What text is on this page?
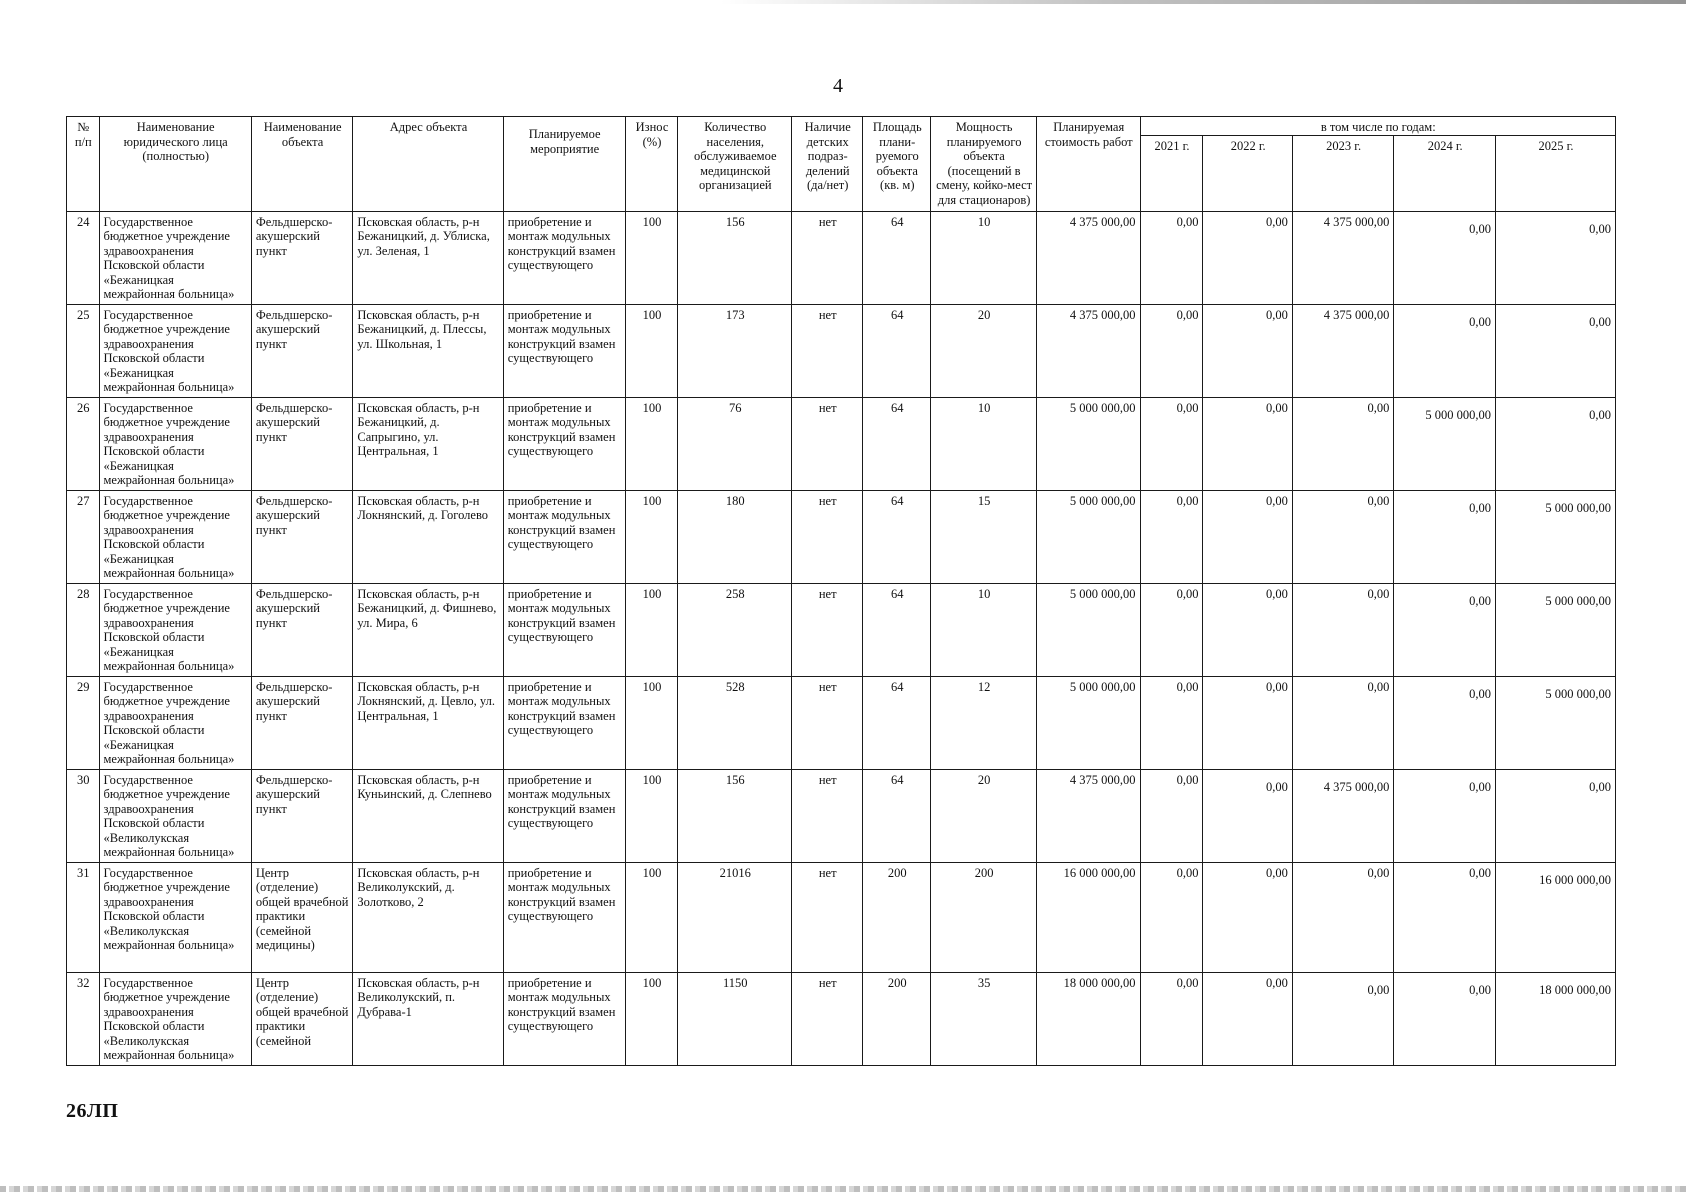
4
№ п/п	Наименование юридического лица (полностью)	Наименование объекта	Адрес объекта	Планируемое мероприятие	Износ (%)	Количество населения, обслуживаемое медицинской организацией	Наличие детских подраз-делений (да/нет)	Площадь плани-руемого объекта (кв. м)	Мощность планируемого объекта (посещений в смену, койко-мест для стационаров)	Планируемая стоимость работ	в том числе по годам:				
											2021 г.	2022 г.	2023 г.	2024 г.	2025 г.
24	Государственное бюджетное учреждение здравоохранения Псковской области «Бежаницкая межрайонная больница»	Фельдшерско-акушерский пункт	Псковская область, р-н Бежаницкий, д. Ублиска, ул. Зеленая, 1	приобретение и монтаж модульных конструкций взамен существующего	100	156	нет	64	10	4 375 000,00	0,00	0,00	4 375 000,00	0,00	0,00
25	Государственное бюджетное учреждение здравоохранения Псковской области «Бежаницкая межрайонная больница»	Фельдшерско-акушерский пункт	Псковская область, р-н Бежаницкий, д. Плессы, ул. Школьная, 1	приобретение и монтаж модульных конструкций взамен существующего	100	173	нет	64	20	4 375 000,00	0,00	0,00	4 375 000,00	0,00	0,00
26	Государственное бюджетное учреждение здравоохранения Псковской области «Бежаницкая межрайонная больница»	Фельдшерско-акушерский пункт	Псковская область, р-н Бежаницкий, д. Сапрыгино, ул. Центральная, 1	приобретение и монтаж модульных конструкций взамен существующего	100	76	нет	64	10	5 000 000,00	0,00	0,00	0,00	5 000 000,00	0,00
27	Государственное бюджетное учреждение здравоохранения Псковской области «Бежаницкая межрайонная больница»	Фельдшерско-акушерский пункт	Псковская область, р-н Локнянский, д. Гоголево	приобретение и монтаж модульных конструкций взамен существующего	100	180	нет	64	15	5 000 000,00	0,00	0,00	0,00	0,00	5 000 000,00
28	Государственное бюджетное учреждение здравоохранения Псковской области «Бежаницкая межрайонная больница»	Фельдшерско-акушерский пункт	Псковская область, р-н Бежаницкий, д. Фишнево, ул. Мира, 6	приобретение и монтаж модульных конструкций взамен существующего	100	258	нет	64	10	5 000 000,00	0,00	0,00	0,00	0,00	5 000 000,00
29	Государственное бюджетное учреждение здравоохранения Псковской области «Бежаницкая межрайонная больница»	Фельдшерско-акушерский пункт	Псковская область, р-н Локнянский, д. Цевло, ул. Центральная, 1	приобретение и монтаж модульных конструкций взамен существующего	100	528	нет	64	12	5 000 000,00	0,00	0,00	0,00	0,00	5 000 000,00
30	Государственное бюджетное учреждение здравоохранения Псковской области «Великолукская межрайонная больница»	Фельдшерско-акушерский пункт	Псковская область, р-н Куньинский, д. Слепнево	приобретение и монтаж модульных конструкций взамен существующего	100	156	нет	64	20	4 375 000,00	0,00	0,00	4 375 000,00	0,00	0,00
31	Государственное бюджетное учреждение здравоохранения Псковской области «Великолукская межрайонная больница»	Центр (отделение) общей врачебной практики (семейной медицины)	Псковская область, р-н Великолукский, д. Золотково, 2	приобретение и монтаж модульных конструкций взамен существующего	100	21016	нет	200	200	16 000 000,00	0,00	0,00	0,00	0,00	16 000 000,00
32	Государственное бюджетное учреждение здравоохранения Псковской области «Великолукская межрайонная больница»	Центр (отделение) общей врачебной практики (семейной	Псковская область, р-н Великолукский, п. Дубрава-1	приобретение и монтаж модульных конструкций взамен существующего	100	1150	нет	200	35	18 000 000,00	0,00	0,00	0,00	0,00	18 000 000,00
26ЛП
